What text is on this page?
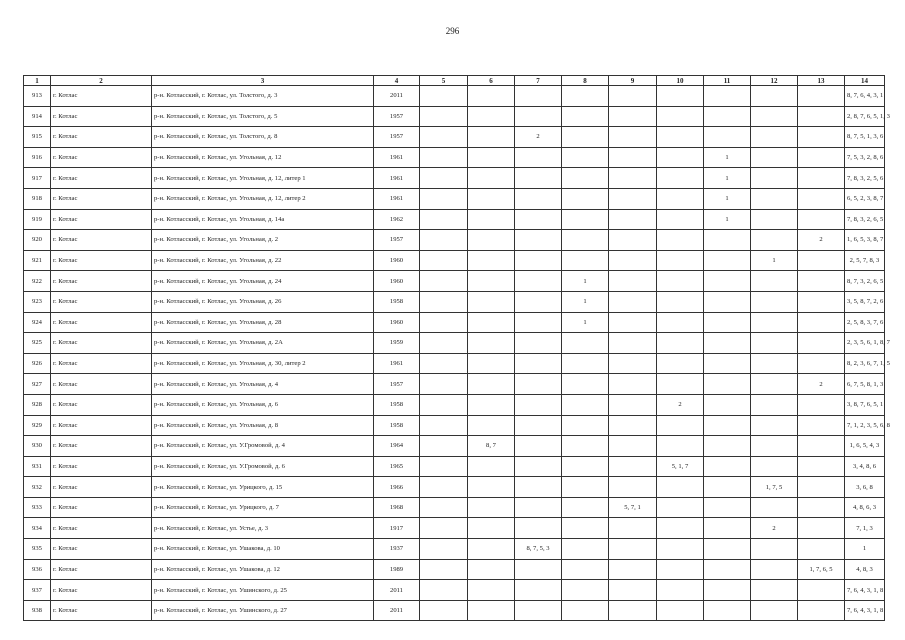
296
1	2	3	4	5	6	7	8	9	10	11	12	13	14
913	г. Котлас	р-н. Котласский, г. Котлас, ул. Толстого, д. 3	2011										8, 7, 6, 4, 3, 1
914	г. Котлас	р-н. Котласский, г. Котлас, ул. Толстого, д. 5	1957										2, 8, 7, 6, 5, 1, 3
915	г. Котлас	р-н. Котласский, г. Котлас, ул. Толстого, д. 8	1957			2							8, 7, 5, 1, 3, 6
916	г. Котлас	р-н. Котласский, г. Котлас, ул. Угольная, д. 12	1961							1			7, 5, 3, 2, 8, 6
917	г. Котлас	р-н. Котласский, г. Котлас, ул. Угольная, д. 12, литер 1	1961							1			7, 8, 3, 2, 5, 6
918	г. Котлас	р-н. Котласский, г. Котлас, ул. Угольная, д. 12, литер 2	1961							1			6, 5, 2, 3, 8, 7
919	г. Котлас	р-н. Котласский, г. Котлас, ул. Угольная, д. 14а	1962							1			7, 8, 3, 2, 6, 5
920	г. Котлас	р-н. Котласский, г. Котлас, ул. Угольная, д. 2	1957									2	1, 6, 5, 3, 8, 7
921	г. Котлас	р-н. Котласский, г. Котлас, ул. Угольная, д. 22	1960								1		2, 5, 7, 8, 3
922	г. Котлас	р-н. Котласский, г. Котлас, ул. Угольная, д. 24	1960				1						8, 7, 3, 2, 6, 5
923	г. Котлас	р-н. Котласский, г. Котлас, ул. Угольная, д. 26	1958				1						3, 5, 8, 7, 2, 6
924	г. Котлас	р-н. Котласский, г. Котлас, ул. Угольная, д. 28	1960				1						2, 5, 8, 3, 7, 6
925	г. Котлас	р-н. Котласский, г. Котлас, ул. Угольная, д. 2А	1959										2, 3, 5, 6, 1, 8, 7
926	г. Котлас	р-н. Котласский, г. Котлас, ул. Угольная, д. 30, литер 2	1961										8, 2, 3, 6, 7, 1, 5
927	г. Котлас	р-н. Котласский, г. Котлас, ул. Угольная, д. 4	1957									2	6, 7, 5, 8, 1, 3
928	г. Котлас	р-н. Котласский, г. Котлас, ул. Угольная, д. 6	1958						2				3, 8, 7, 6, 5, 1
929	г. Котлас	р-н. Котласский, г. Котлас, ул. Угольная, д. 8	1958										7, 1, 2, 3, 5, 6, 8
930	г. Котлас	р-н. Котласский, г. Котлас, ул. У.Громовой, д. 4	1964		8, 7								1, 6, 5, 4, 3
931	г. Котлас	р-н. Котласский, г. Котлас, ул. У.Громовой, д. 6	1965						5, 1, 7				3, 4, 8, 6
932	г. Котлас	р-н. Котласский, г. Котлас, ул. Урицкого, д. 15	1966								1, 7, 5		3, 6, 8
933	г. Котлас	р-н. Котласский, г. Котлас, ул. Урицкого, д. 7	1968					5, 7, 1					4, 8, 6, 3
934	г. Котлас	р-н. Котласский, г. Котлас, ул. Устье, д. 3	1917								2		7, 1, 3
935	г. Котлас	р-н. Котласский, г. Котлас, ул. Ушакова, д. 10	1937			8, 7, 5, 3							1
936	г. Котлас	р-н. Котласский, г. Котлас, ул. Ушакова, д. 12	1989									1, 7, 6, 5	4, 8, 3
937	г. Котлас	р-н. Котласский, г. Котлас, ул. Ушинского, д. 25	2011										7, 6, 4, 3, 1, 8
938	г. Котлас	р-н. Котласский, г. Котлас, ул. Ушинского, д. 27	2011										7, 6, 4, 3, 1, 8
